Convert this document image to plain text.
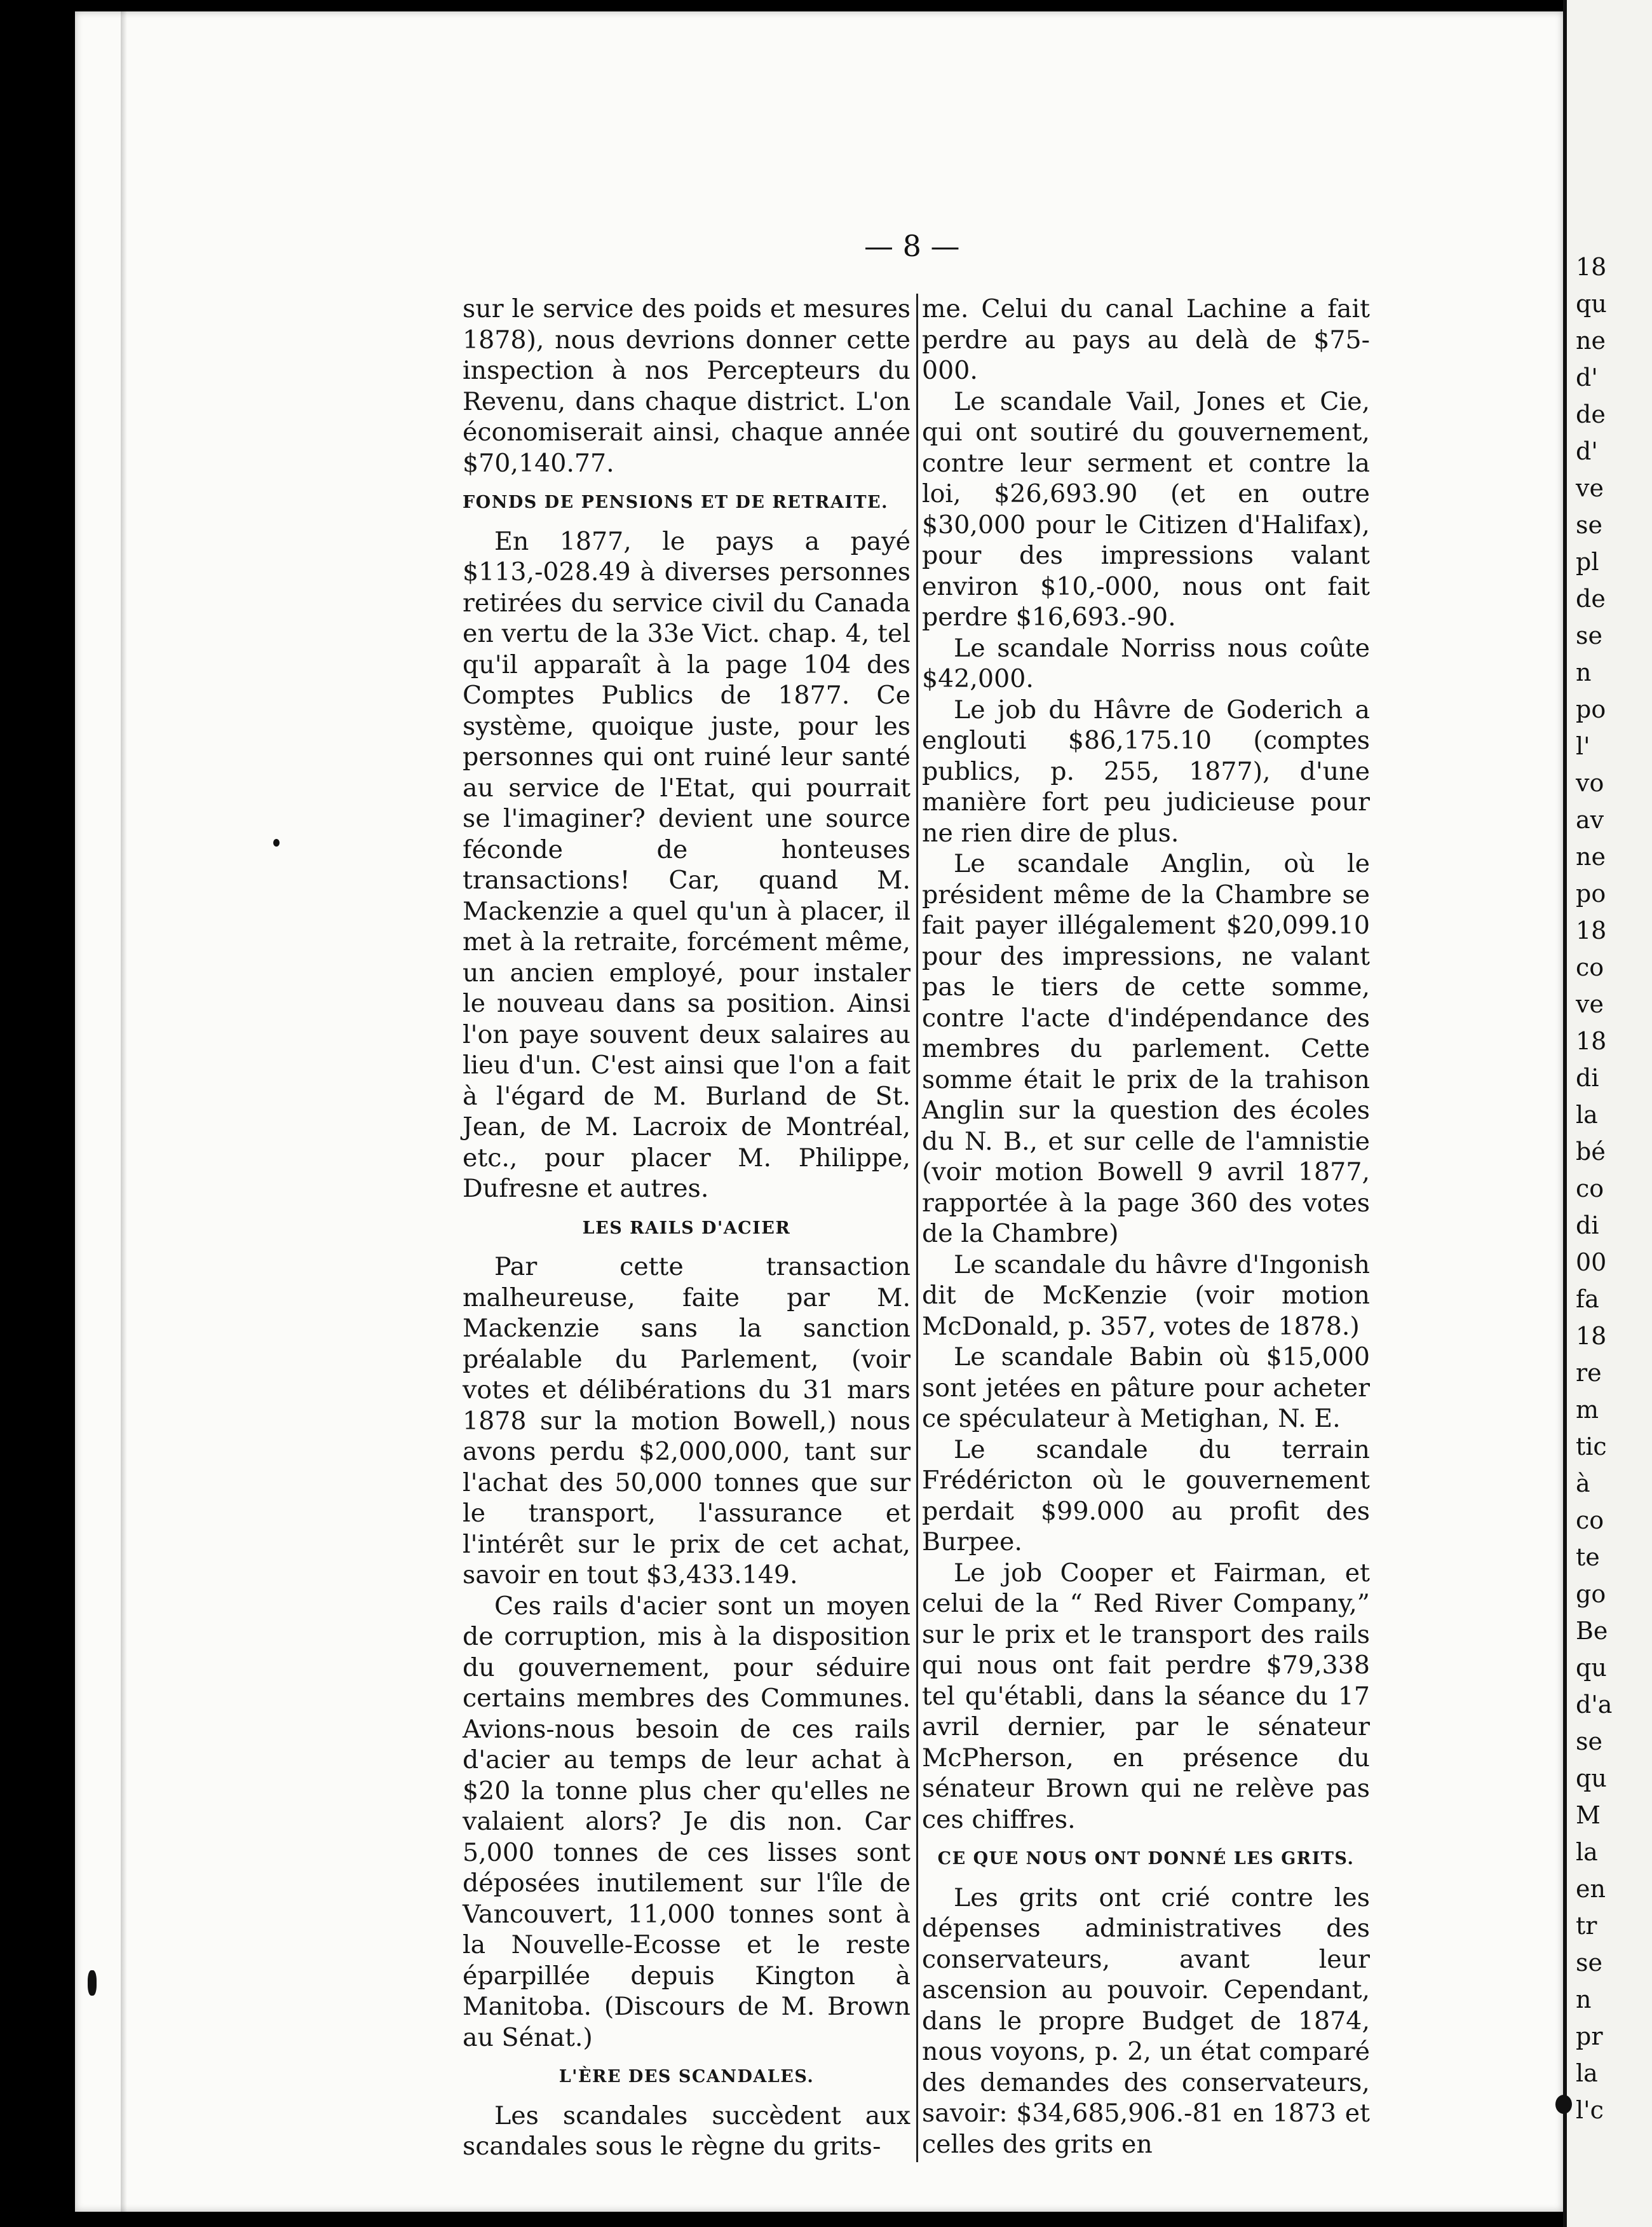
— 8 —

sur le service des poids et mesures 1878), nous devrions donner cette inspection à nos Percepteurs du Revenu, dans chaque district. L'on économiserait ainsi, chaque année $70,140.77.

FONDS DE PENSIONS ET DE RETRAITE.

En 1877, le pays a payé $113,-028.49 à diverses personnes retirées du service civil du Canada en vertu de la 33e Vict. chap. 4, tel qu'il apparaît à la page 104 des Comptes Publics de 1877. Ce système, quoique juste, pour les personnes qui ont ruiné leur santé au service de l'Etat, qui pourrait se l'imaginer? devient une source féconde de honteuses transactions! Car, quand M. Mackenzie a quel qu'un à placer, il met à la retraite, forcément même, un ancien employé, pour instaler le nouveau dans sa position. Ainsi l'on paye souvent deux salaires au lieu d'un. C'est ainsi que l'on a fait à l'égard de M. Burland de St. Jean, de M. Lacroix de Montréal, etc., pour placer M. Philippe, Dufresne et autres.

LES RAILS D'ACIER

Par cette transaction malheureuse, faite par M. Mackenzie sans la sanction préalable du Parlement, (voir votes et délibérations du 31 mars 1878 sur la motion Bowell,) nous avons perdu $2,000,000, tant sur l'achat des 50,000 tonnes que sur le transport, l'assurance et l'intérêt sur le prix de cet achat, savoir en tout $3,433.149.

Ces rails d'acier sont un moyen de corruption, mis à la disposition du gouvernement, pour séduire certains membres des Communes. Avions-nous besoin de ces rails d'acier au temps de leur achat à $20 la tonne plus cher qu'elles ne valaient alors? Je dis non. Car 5,000 tonnes de ces lisses sont déposées inutilement sur l'île de Vancouvert, 11,000 tonnes sont à la Nouvelle-Ecosse et le reste éparpillée depuis Kington à Manitoba. (Discours de M. Brown au Sénat.)

L'ÈRE DES SCANDALES.

Les scandales succèdent aux scandales sous le règne du grits-

me. Celui du canal Lachine a fait perdre au pays au delà de $75-000.

Le scandale Vail, Jones et Cie, qui ont soutiré du gouvernement, contre leur serment et contre la loi, $26,693.90 (et en outre $30,000 pour le Citizen d'Halifax), pour des impressions valant environ $10,-000, nous ont fait perdre $16,693.-90.

Le scandale Norriss nous coûte $42,000.

Le job du Hâvre de Goderich a englouti $86,175.10 (comptes publics, p. 255, 1877), d'une manière fort peu judicieuse pour ne rien dire de plus.

Le scandale Anglin, où le président même de la Chambre se fait payer illégalement $20,099.10 pour des impressions, ne valant pas le tiers de cette somme, contre l'acte d'indépendance des membres du parlement. Cette somme était le prix de la trahison Anglin sur la question des écoles du N. B., et sur celle de l'amnistie (voir motion Bowell 9 avril 1877, rapportée à la page 360 des votes de la Chambre)

Le scandale du hâvre d'Ingonish dit de McKenzie (voir motion McDonald, p. 357, votes de 1878.)

Le scandale Babin où $15,000 sont jetées en pâture pour acheter ce spéculateur à Metighan, N. E.

Le scandale du terrain Frédéricton où le gouvernement perdait $99.000 au profit des Burpee.

Le job Cooper et Fairman, et celui de la “ Red River Company,” sur le prix et le transport des rails qui nous ont fait perdre $79,338 tel qu'établi, dans la séance du 17 avril dernier, par le sénateur McPherson, en présence du sénateur Brown qui ne relève pas ces chiffres.

CE QUE NOUS ONT DONNÉ LES GRITS.

Les grits ont crié contre les dépenses administratives des conservateurs, avant leur ascension au pouvoir. Cependant, dans le propre Budget de 1874, nous voyons, p. 2, un état comparé des demandes des conservateurs, savoir: $34,685,906.-81 en 1873 et celles des grits en

18
qu
ne
d'
de
d'
ve
se
pl
de
se
n
po
l'
vo
av
ne
po
18
co
ve
18
di
la
bé
co
di
00
fa
18
re
m
tic
à
co
te
go
Be
qu
d'a
se
qu
M
la
en
tr
se
n
pr
la
l'c
